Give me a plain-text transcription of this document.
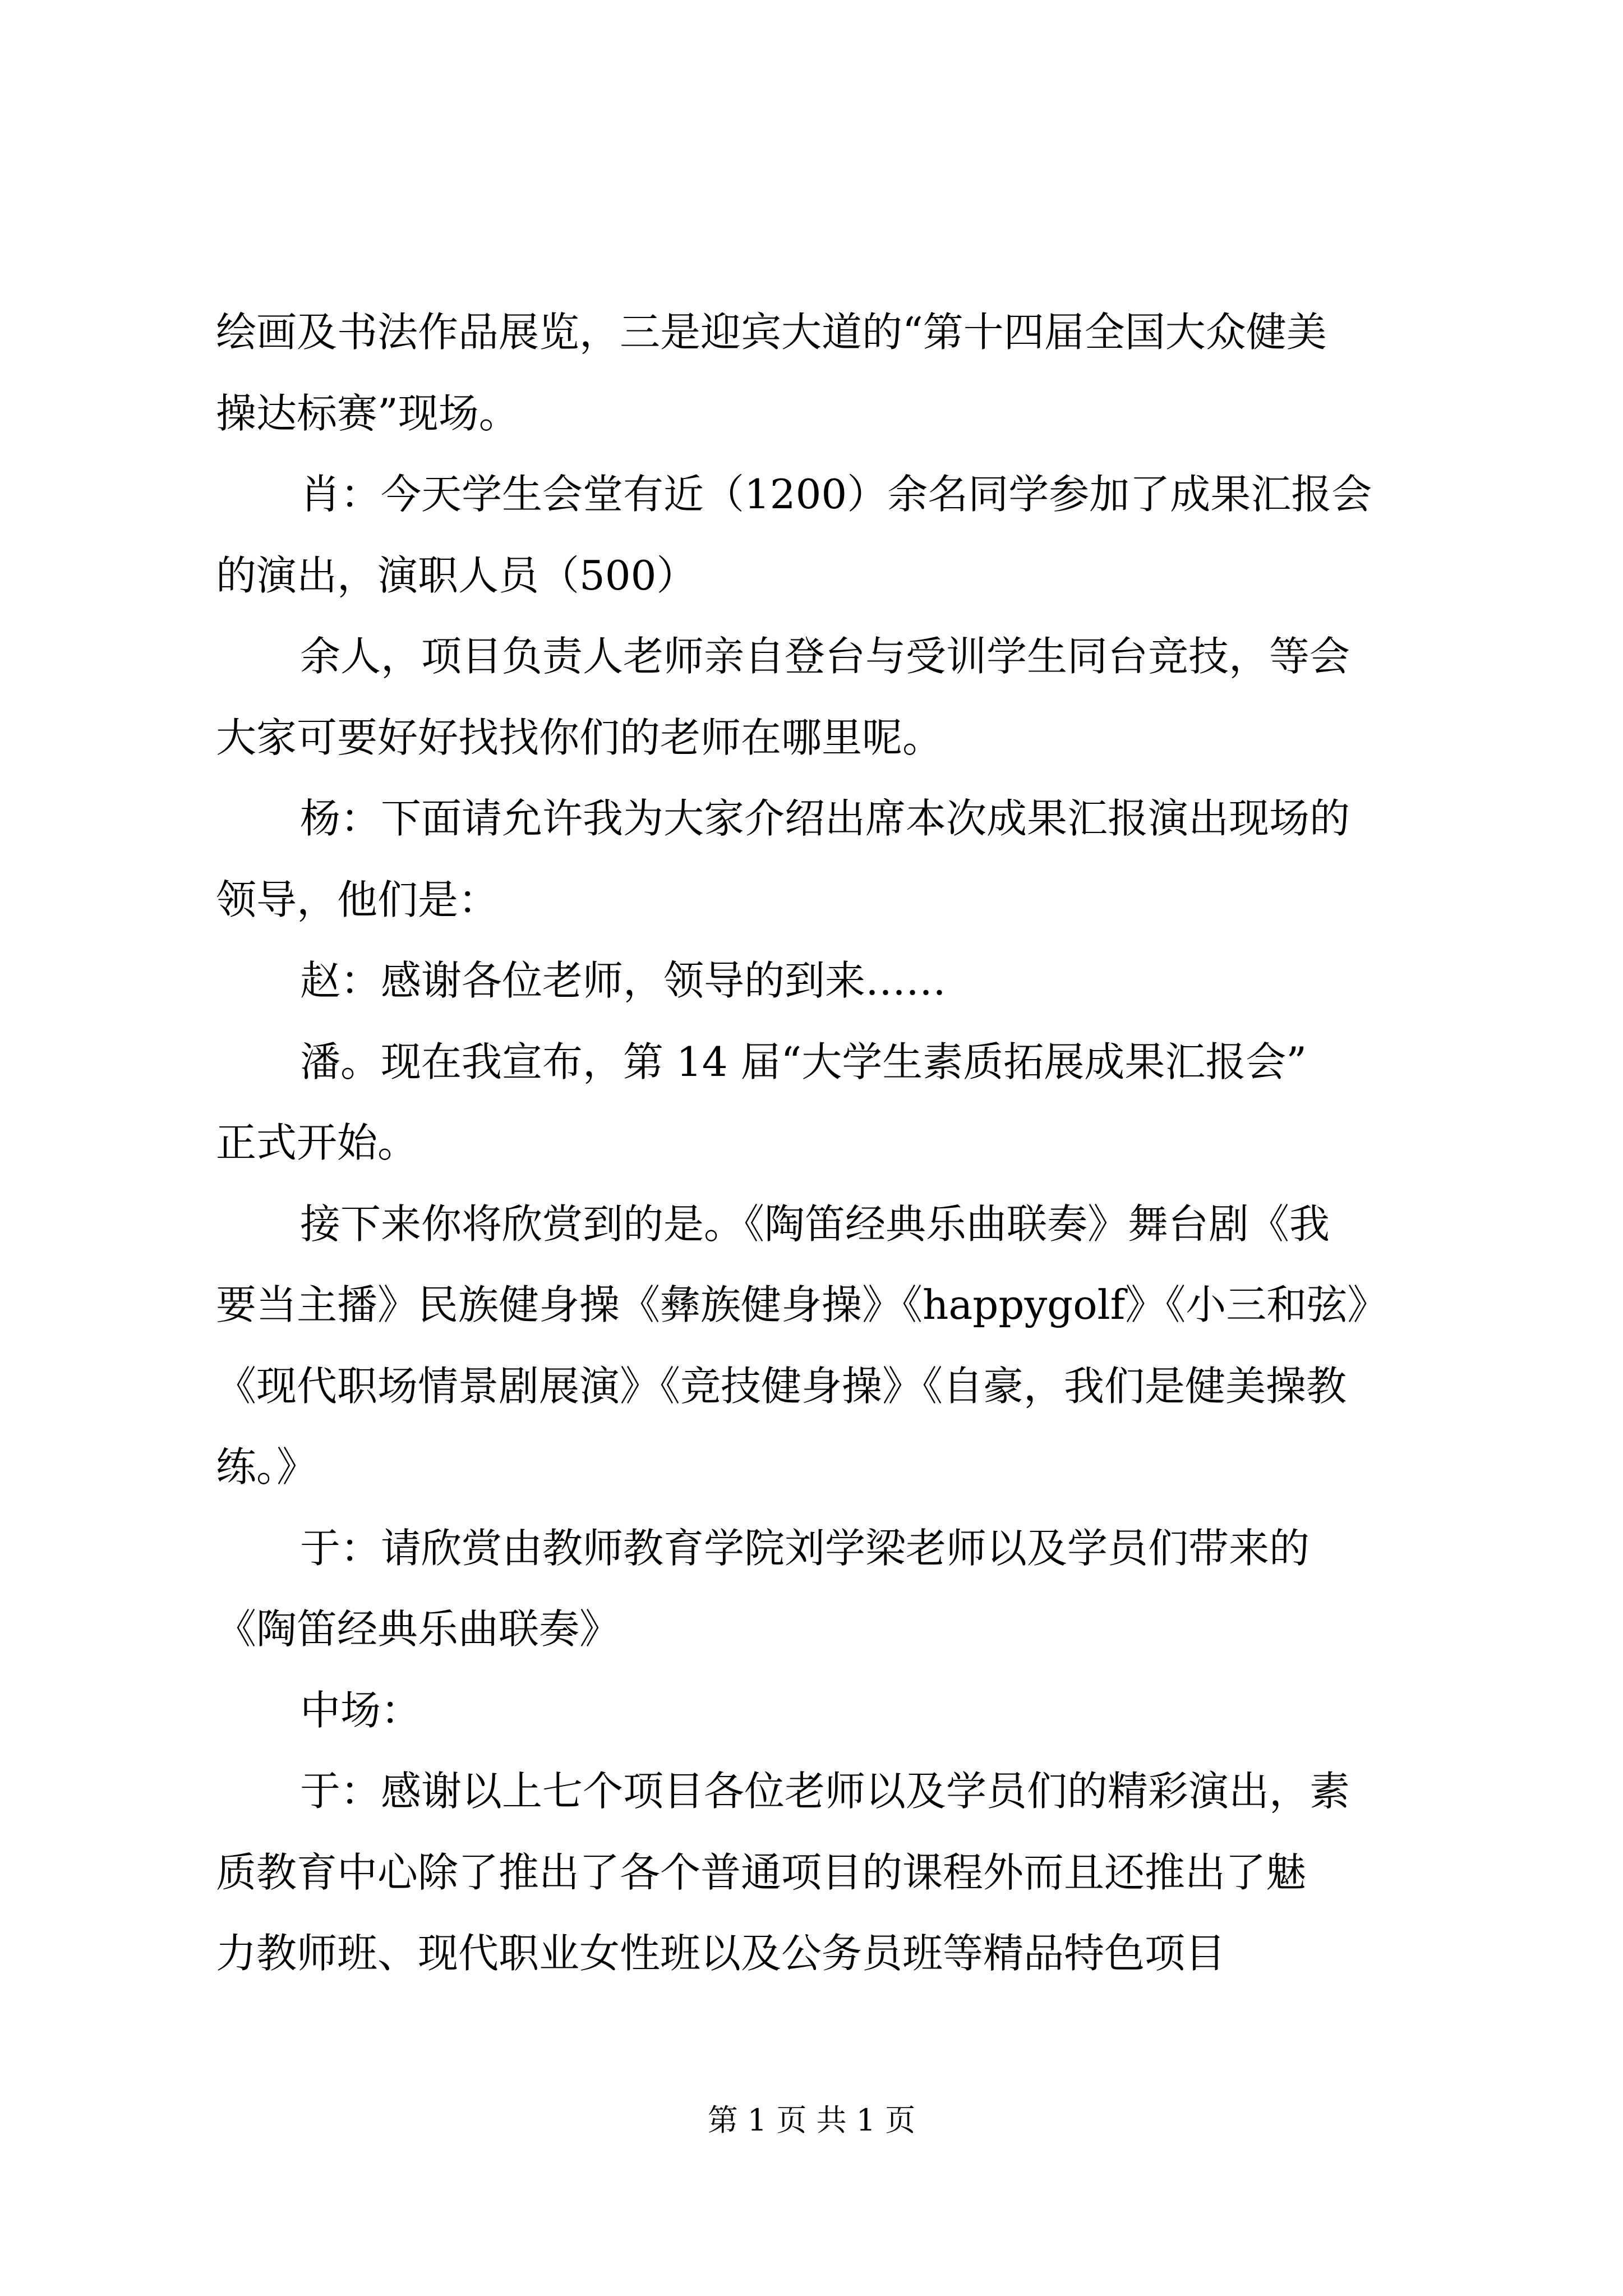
绘画及书法作品展览，三是迎宾大道的“第十四届全国大众健美
操达标赛”现场。
肖：今天学生会堂有近（1200）余名同学参加了成果汇报会
的演出，演职人员（500）
余人，项目负责人老师亲自登台与受训学生同台竞技，等会
大家可要好好找找你们的老师在哪里呢。
杨：下面请允许我为大家介绍出席本次成果汇报演出现场的
领导，他们是：
赵：感谢各位老师，领导的到来……
潘。现在我宣布，第 14 届“大学生素质拓展成果汇报会”
正式开始。
接下来你将欣赏到的是。《陶笛经典乐曲联奏》舞台剧《我
要当主播》民族健身操《彝族健身操》《happygolf》《小三和弦》
《现代职场情景剧展演》《竞技健身操》《自豪，我们是健美操教
练。》
于：请欣赏由教师教育学院刘学梁老师以及学员们带来的
《陶笛经典乐曲联奏》
中场：
于：感谢以上七个项目各位老师以及学员们的精彩演出，素
质教育中心除了推出了各个普通项目的课程外而且还推出了魅
力教师班、现代职业女性班以及公务员班等精品特色项目
第 1 页 共 1 页
